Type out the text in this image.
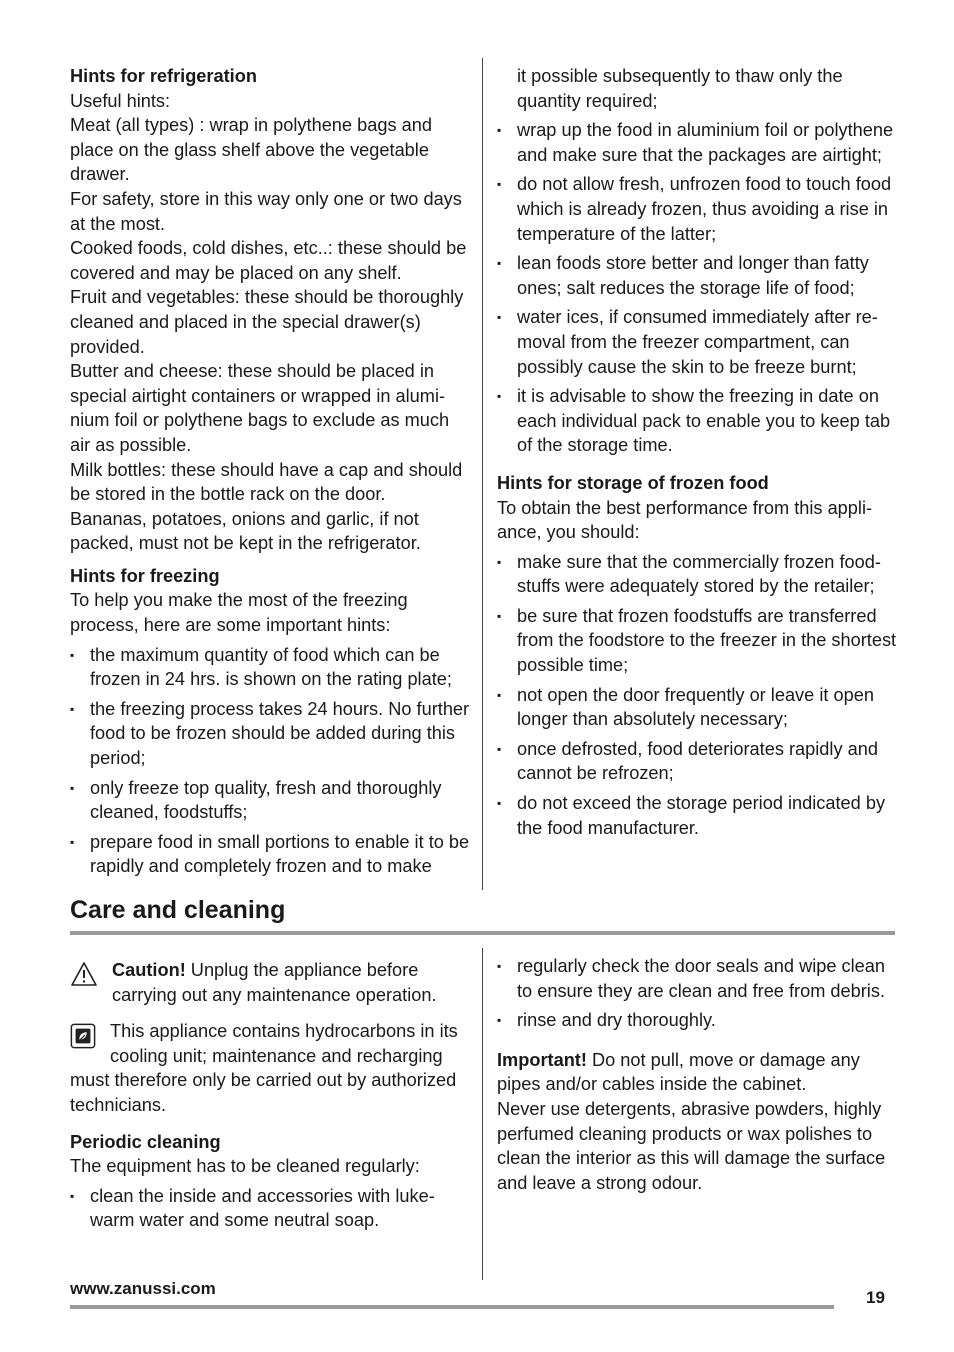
Hints for refrigeration

Useful hints:

Meat (all types) : wrap in polythene bags and place on the glass shelf above the vegetable drawer.

For safety, store in this way only one or two days at the most.

Cooked foods, cold dishes, etc..: these should be covered and may be placed on any shelf.

Fruit and vegetables: these should be thoroughly cleaned and placed in the special drawer(s) provided.

Butter and cheese: these should be placed in special airtight containers or wrapped in aluminium foil or polythene bags to exclude as much air as possible.

Milk bottles: these should have a cap and should be stored in the bottle rack on the door.

Bananas, potatoes, onions and garlic, if not packed, must not be kept in the refrigerator.

Hints for freezing

To help you make the most of the freezing process, here are some important hints:

▪ the maximum quantity of food which can be frozen in 24 hrs. is shown on the rating plate;
▪ the freezing process takes 24 hours. No further food to be frozen should be added during this period;
▪ only freeze top quality, fresh and thoroughly cleaned, foodstuffs;
▪ prepare food in small portions to enable it to be rapidly and completely frozen and to make

it possible subsequently to thaw only the quantity required;

▪ wrap up the food in aluminium foil or polythene and make sure that the packages are airtight;
▪ do not allow fresh, unfrozen food to touch food which is already frozen, thus avoiding a rise in temperature of the latter;
▪ lean foods store better and longer than fatty ones; salt reduces the storage life of food;
▪ water ices, if consumed immediately after removal from the freezer compartment, can possibly cause the skin to be freeze burnt;
▪ it is advisable to show the freezing in date on each individual pack to enable you to keep tab of the storage time.

Hints for storage of frozen food

To obtain the best performance from this appliance, you should:

▪ make sure that the commercially frozen foodstuffs were adequately stored by the retailer;
▪ be sure that frozen foodstuffs are transferred from the foodstore to the freezer in the shortest possible time;
▪ not open the door frequently or leave it open longer than absolutely necessary;
▪ once defrosted, food deteriorates rapidly and cannot be refrozen;
▪ do not exceed the storage period indicated by the food manufacturer.
Care and cleaning
Caution! Unplug the appliance before carrying out any maintenance operation.
This appliance contains hydrocarbons in its cooling unit; maintenance and recharging must therefore only be carried out by authorized technicians.

Periodic cleaning

The equipment has to be cleaned regularly:

▪ clean the inside and accessories with lukewarm water and some neutral soap.
▪ regularly check the door seals and wipe clean to ensure they are clean and free from debris.
▪ rinse and dry thoroughly.

Important! Do not pull, move or damage any pipes and/or cables inside the cabinet.

Never use detergents, abrasive powders, highly perfumed cleaning products or wax polishes to clean the interior as this will damage the surface and leave a strong odour.

www.zanussi.com	19
